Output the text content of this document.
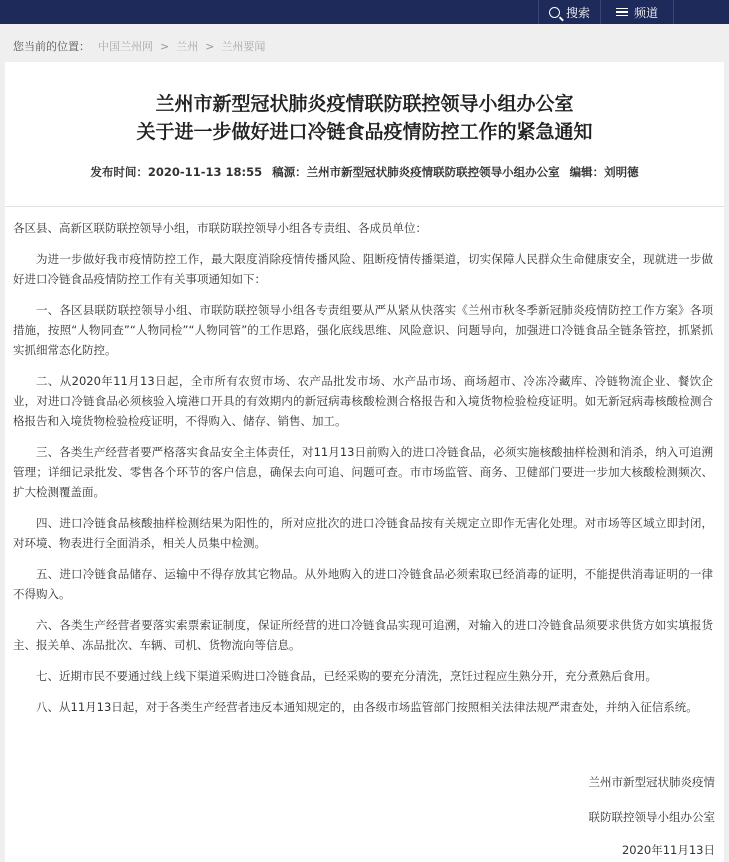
搜索	频道
您当前的位置： 中国兰州网 > 兰州 > 兰州要闻
兰州市新型冠状肺炎疫情联防联控领导小组办公室
关于进一步做好进口冷链食品疫情防控工作的紧急通知
发布时间：2020-11-13 18:55 稿源：兰州市新型冠状肺炎疫情联防联控领导小组办公室 编辑：刘明德

各区县、高新区联防联控领导小组，市联防联控领导小组各专责组、各成员单位：

为进一步做好我市疫情防控工作，最大限度消除疫情传播风险、阻断疫情传播渠道，切实保障人民群众生命健康安全，现就进一步做好进口冷链食品疫情防控工作有关事项通知如下：

一、各区县联防联控领导小组、市联防联控领导小组各专责组要从严从紧从快落实《兰州市秋冬季新冠肺炎疫情防控工作方案》各项措施，按照“人物同查”“人物同检”“人物同管”的工作思路，强化底线思维、风险意识、问题导向，加强进口冷链食品全链条管控，抓紧抓实抓细常态化防控。

二、从2020年11月13日起，全市所有农贸市场、农产品批发市场、水产品市场、商场超市、冷冻冷藏库、冷链物流企业、餐饮企业，对进口冷链食品必须核验入境港口开具的有效期内的新冠病毒核酸检测合格报告和入境货物检验检疫证明。如无新冠病毒核酸检测合格报告和入境货物检验检疫证明，不得购入、储存、销售、加工。

三、各类生产经营者要严格落实食品安全主体责任，对11月13日前购入的进口冷链食品，必须实施核酸抽样检测和消杀，纳入可追溯管理；详细记录批发、零售各个环节的客户信息，确保去向可追、问题可查。市市场监管、商务、卫健部门要进一步加大核酸检测频次、扩大检测覆盖面。

四、进口冷链食品核酸抽样检测结果为阳性的，所对应批次的进口冷链食品按有关规定立即作无害化处理。对市场等区域立即封闭，对环境、物表进行全面消杀，相关人员集中检测。

五、进口冷链食品储存、运输中不得存放其它物品。从外地购入的进口冷链食品必须索取已经消毒的证明，不能提供消毒证明的一律不得购入。

六、各类生产经营者要落实索票索证制度，保证所经营的进口冷链食品实现可追溯，对输入的进口冷链食品须要求供货方如实填报货主、报关单、冻品批次、车辆、司机、货物流向等信息。

七、近期市民不要通过线上线下渠道采购进口冷链食品，已经采购的要充分清洗，烹饪过程应生熟分开，充分煮熟后食用。

八、从11月13日起，对于各类生产经营者违反本通知规定的，由各级市场监管部门按照相关法律法规严肃查处，并纳入征信系统。

兰州市新型冠状肺炎疫情
联防联控领导小组办公室
2020年11月13日
